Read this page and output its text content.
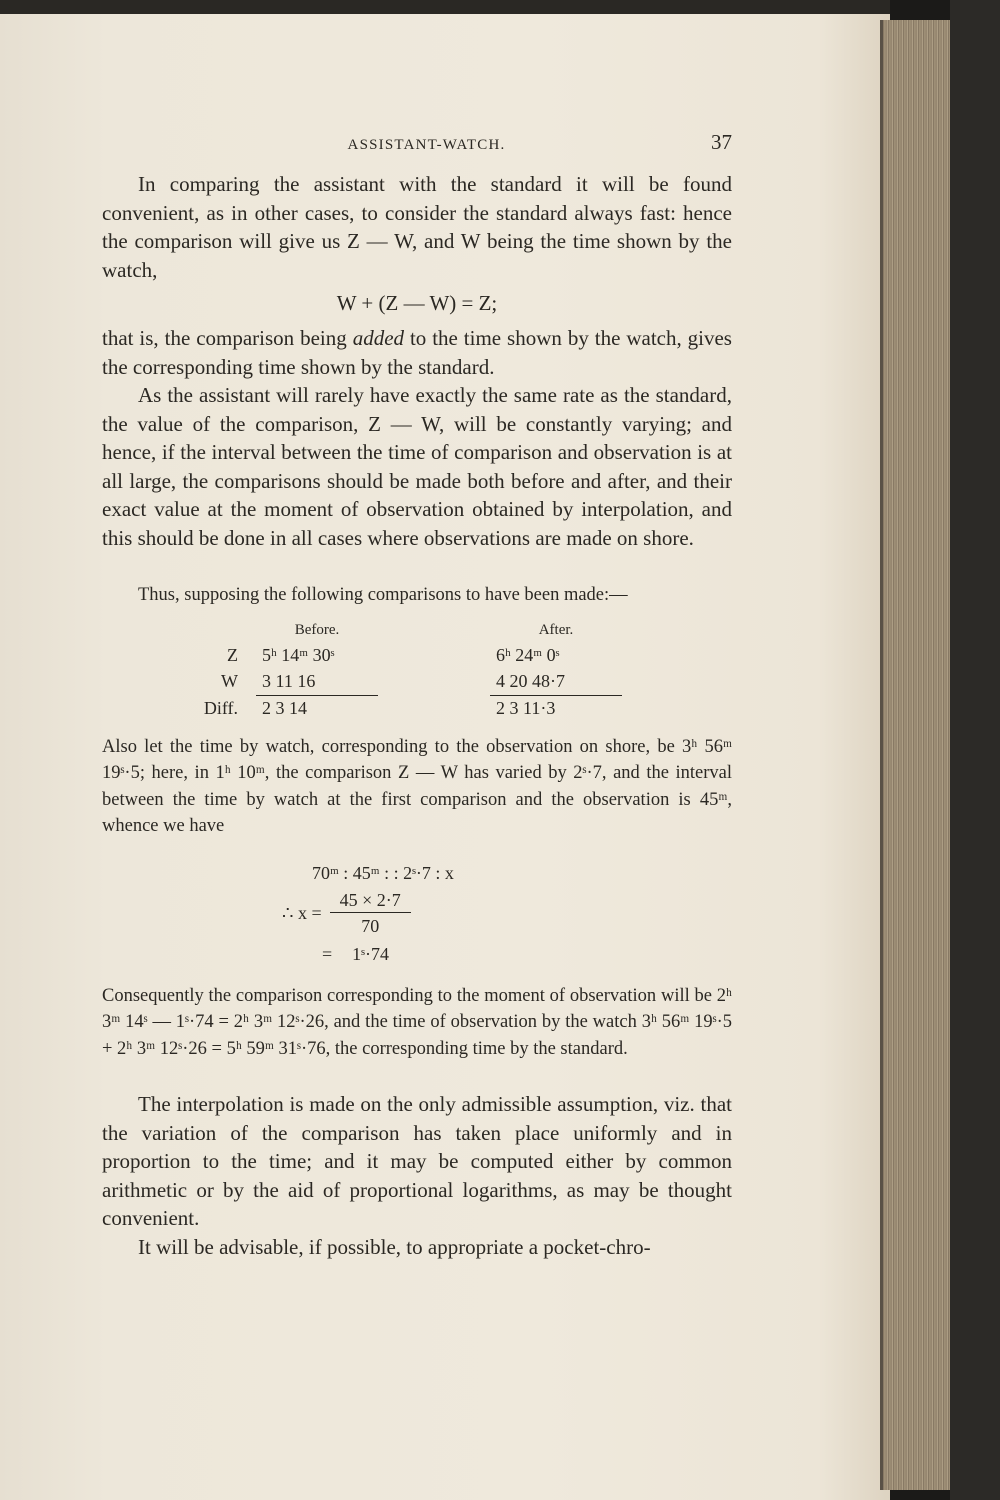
ASSISTANT-WATCH.	37

In comparing the assistant with the standard it will be found convenient, as in other cases, to consider the standard always fast: hence the comparison will give us Z — W, and W being the time shown by the watch,

W + (Z — W) = Z;

that is, the comparison being added to the time shown by the watch, gives the corresponding time shown by the standard.

As the assistant will rarely have exactly the same rate as the standard, the value of the comparison, Z — W, will be constantly varying; and hence, if the interval between the time of comparison and observation is at all large, the comparisons should be made both before and after, and their exact value at the moment of observation obtained by interpolation, and this should be done in all cases where observations are made on shore.

Thus, supposing the following comparisons to have been made:—

	Before.		After.
Z	5ʰ 14ᵐ 30ˢ		6ʰ 24ᵐ 0ˢ
W	3 11 16		4 20 48·7
Diff.	2 3 14		2 3 11·3

Also let the time by watch, corresponding to the observation on shore, be 3ʰ 56ᵐ 19ˢ·5; here, in 1ʰ 10ᵐ, the comparison Z — W has varied by 2ˢ·7, and the interval between the time by watch at the first comparison and the observation is 45ᵐ, whence we have

70ᵐ : 45ᵐ : : 2ˢ·7 : x
∴ $x = \frac{45 \times 2\cdot 7}{70}$
= 1ˢ·74

Consequently the comparison corresponding to the moment of observation will be 2ʰ 3ᵐ 14ˢ — 1ˢ·74 = 2ʰ 3ᵐ 12ˢ·26, and the time of observation by the watch 3ʰ 56ᵐ 19ˢ·5 + 2ʰ 3ᵐ 12ˢ·26 = 5ʰ 59ᵐ 31ˢ·76, the corresponding time by the standard.

The interpolation is made on the only admissible assumption, viz. that the variation of the comparison has taken place uniformly and in proportion to the time; and it may be computed either by common arithmetic or by the aid of proportional logarithms, as may be thought convenient.

It will be advisable, if possible, to appropriate a pocket-chro-
